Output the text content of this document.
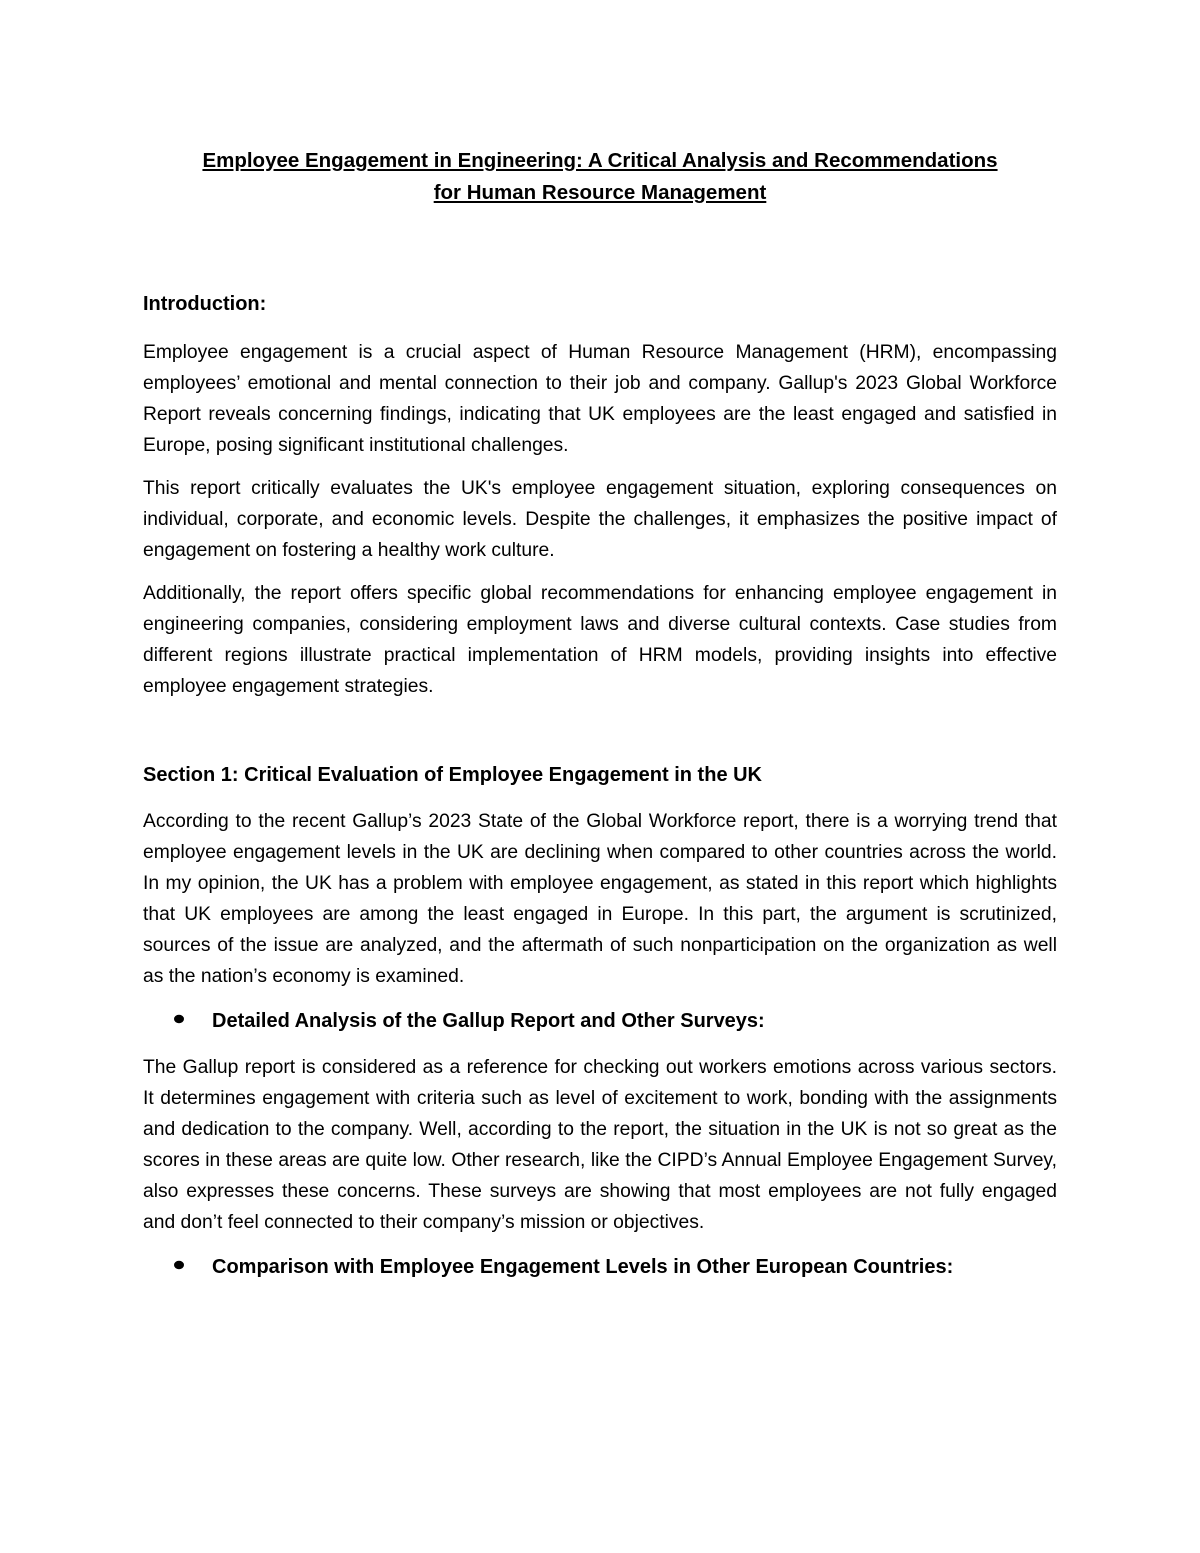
Employee Engagement in Engineering: A Critical Analysis and Recommendations

for Human Resource Management

Introduction:

Employee engagement is a crucial aspect of Human Resource Management (HRM), encompassing employees’ emotional and mental connection to their job and company. Gallup's 2023 Global Workforce Report reveals concerning findings, indicating that UK employees are the least engaged and satisfied in Europe, posing significant institutional challenges.

This report critically evaluates the UK's employee engagement situation, exploring consequences on individual, corporate, and economic levels. Despite the challenges, it emphasizes the positive impact of engagement on fostering a healthy work culture.

Additionally, the report offers specific global recommendations for enhancing employee engagement in engineering companies, considering employment laws and diverse cultural contexts. Case studies from different regions illustrate practical implementation of HRM models, providing insights into effective employee engagement strategies.

Section 1: Critical Evaluation of Employee Engagement in the UK

According to the recent Gallup’s 2023 State of the Global Workforce report, there is a worrying trend that employee engagement levels in the UK are declining when compared to other countries across the world. In my opinion, the UK has a problem with employee engagement, as stated in this report which highlights that UK employees are among the least engaged in Europe. In this part, the argument is scrutinized, sources of the issue are analyzed, and the aftermath of such nonparticipation on the organization as well as the nation’s economy is examined.

Detailed Analysis of the Gallup Report and Other Surveys:

The Gallup report is considered as a reference for checking out workers emotions across various sectors. It determines engagement with criteria such as level of excitement to work, bonding with the assignments and dedication to the company. Well, according to the report, the situation in the UK is not so great as the scores in these areas are quite low. Other research, like the CIPD’s Annual Employee Engagement Survey, also expresses these concerns. These surveys are showing that most employees are not fully engaged and don’t feel connected to their company’s mission or objectives.

Comparison with Employee Engagement Levels in Other European Countries:
